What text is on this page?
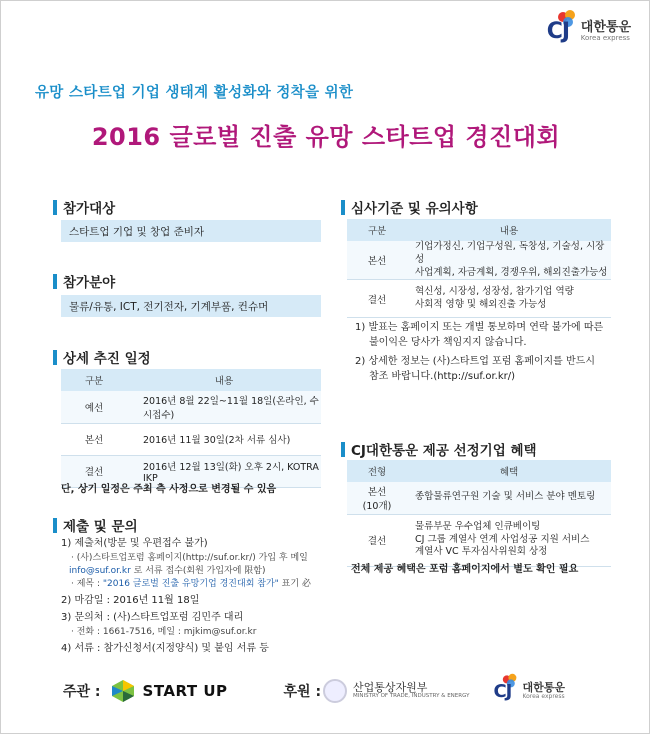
CJ 대한통운
Korea express
유망 스타트업 기업 생태계 활성화와 정착을 위한
2016 글로벌 진출 유망 스타트업 경진대회
참가대상
스타트업 기업 및 창업 준비자
참가분야
물류/유통, ICT, 전기전자, 기계부품, 컨슈머
상세 추진 일정
구분	내용
예선	2016년 8월 22일~11월 18일(온라인, 수시접수)
본선	2016년 11월 30일(2차 서류 심사)
결선	2016년 12월 13일(화) 오후 2시, KOTRA IKP
단, 상기 일정은 주최 측 사정으로 변경될 수 있음
제출 및 문의
1) 제출처(방문 및 우편접수 불가)
· (사)스타트업포럼 홈페이지(http://suf.or.kr/) 가입 후 메일
info@suf.or.kr 로 서류 접수(회원 가입자에 限함)
· 제목 : "2016 글로벌 진출 유망기업 경진대회 참가" 표기 必
2) 마감일 : 2016년 11월 18일
3) 문의처 : (사)스타트업포럼 김민주 대리
· 전화 : 1661-7516, 메일 : mjkim@suf.or.kr
4) 서류 : 참가신청서(지정양식) 및 붙임 서류 등
심사기준 및 유의사항
구분	내용
본선	기업가정신, 기업구성원, 독창성, 기술성, 시장성
사업계획, 자금계획, 경쟁우위, 해외진출가능성

결선	혁신성, 시장성, 성장성, 참가기업 역량
사회적 영향 및 해외진출 가능성
1) 발표는 홈페이지 또는 개별 통보하며 연락 불가에 따른
불이익은 당사가 책임지지 않습니다.
2) 상세한 정보는 (사)스타트업 포럼 홈페이지를 반드시
참조 바랍니다.(http://suf.or.kr/)
CJ대한통운 제공 선정기업 혜택
전형	혜택

본선
(10개)	종합물류연구원 기술 및 서비스 분야 멘토링
결선	물류부문 우수업체 인큐베이팅
CJ 그룹 계열사 연계 사업성공 지원 서비스
계열사 VC 투자심사위원회 상정
전체 제공 혜택은 포럼 홈페이지에서 별도 확인 필요
주관 :	START UP	후원 :	산업통상자원부
MINISTRY OF TRADE, INDUSTRY & ENERGY CJ	대한통운
Korea express
